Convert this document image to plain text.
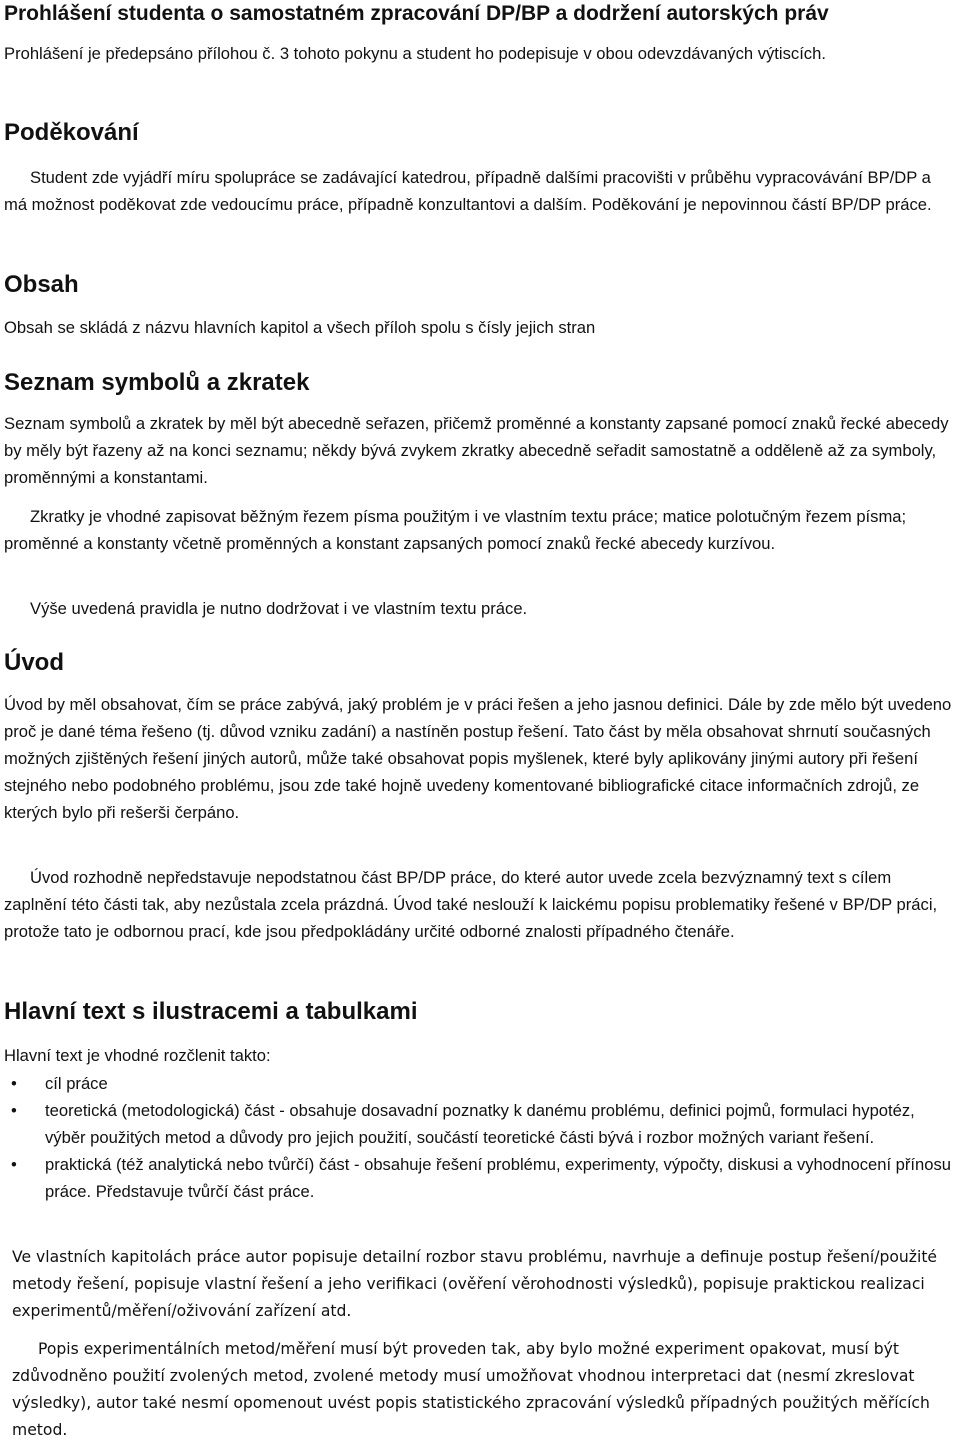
Prohlášení studenta o samostatném zpracování DP/BP a dodržení autorských práv

Prohlášení je předepsáno přílohou č. 3 tohoto pokynu a student ho podepisuje v obou odevzdávaných výtiscích.

Poděkování

Student zde vyjádří míru spolupráce se zadávající katedrou, případně dalšími pracovišti v průběhu vypracovávání BP/DP a má možnost poděkovat zde vedoucímu práce, případně konzultantovi a dalším. Poděkování je nepovinnou částí BP/DP práce.

Obsah

Obsah se skládá z názvu hlavních kapitol a všech příloh spolu s čísly jejich stran

Seznam symbolů a zkratek

Seznam symbolů a zkratek by měl být abecedně seřazen, přičemž proměnné a konstanty zapsané pomocí znaků řecké abecedy by měly být řazeny až na konci seznamu; někdy bývá zvykem zkratky abecedně seřadit samostatně a odděleně až za symboly, proměnnými a konstantami.

Zkratky je vhodné zapisovat běžným řezem písma použitým i ve vlastním textu práce; matice polotučným řezem písma; proměnné a konstanty včetně proměnných a konstant zapsaných pomocí znaků řecké abecedy kurzívou.

Výše uvedená pravidla je nutno dodržovat i ve vlastním textu práce.

Úvod

Úvod by měl obsahovat, čím se práce zabývá, jaký problém je v práci řešen a jeho jasnou definici. Dále by zde mělo být uvedeno proč je dané téma řešeno (tj. důvod vzniku zadání) a nastíněn postup řešení. Tato část by měla obsahovat shrnutí současných možných zjištěných řešení jiných autorů, může také obsahovat popis myšlenek, které byly aplikovány jinými autory při řešení stejného nebo podobného problému, jsou zde také hojně uvedeny komentované bibliografické citace informačních zdrojů, ze kterých bylo při rešerši čerpáno.

Úvod rozhodně nepředstavuje nepodstatnou část BP/DP práce, do které autor uvede zcela bezvýznamný text s cílem zaplnění této části tak, aby nezůstala zcela prázdná. Úvod také neslouží k laickému popisu problematiky řešené v BP/DP práci, protože tato je odbornou prací, kde jsou předpokládány určité odborné znalosti případného čtenáře.

Hlavní text s ilustracemi a tabulkami

Hlavní text je vhodné rozčlenit takto:

• cíl práce
• teoretická (metodologická) část - obsahuje dosavadní poznatky k danému problému, definici pojmů, formulaci hypotéz, výběr použitých metod a důvody pro jejich použití, součástí teoretické části bývá i rozbor možných variant řešení.
• praktická (též analytická nebo tvůrčí) část - obsahuje řešení problému, experimenty, výpočty, diskusi a vyhodnocení přínosu práce. Představuje tvůrčí část práce.

Ve vlastních kapitolách práce autor popisuje detailní rozbor stavu problému, navrhuje a definuje postup řešení/použité metody řešení, popisuje vlastní řešení a jeho verifikaci (ověření věrohodnosti výsledků), popisuje praktickou realizaci experimentů/měření/oživování zařízení atd.

Popis experimentálních metod/měření musí být proveden tak, aby bylo možné experiment opakovat, musí být zdůvodněno použití zvolených metod, zvolené metody musí umožňovat vhodnou interpretaci dat (nesmí zkreslovat výsledky), autor také nesmí opomenout uvést popis statistického zpracování výsledků případných použitých měřících metod.
